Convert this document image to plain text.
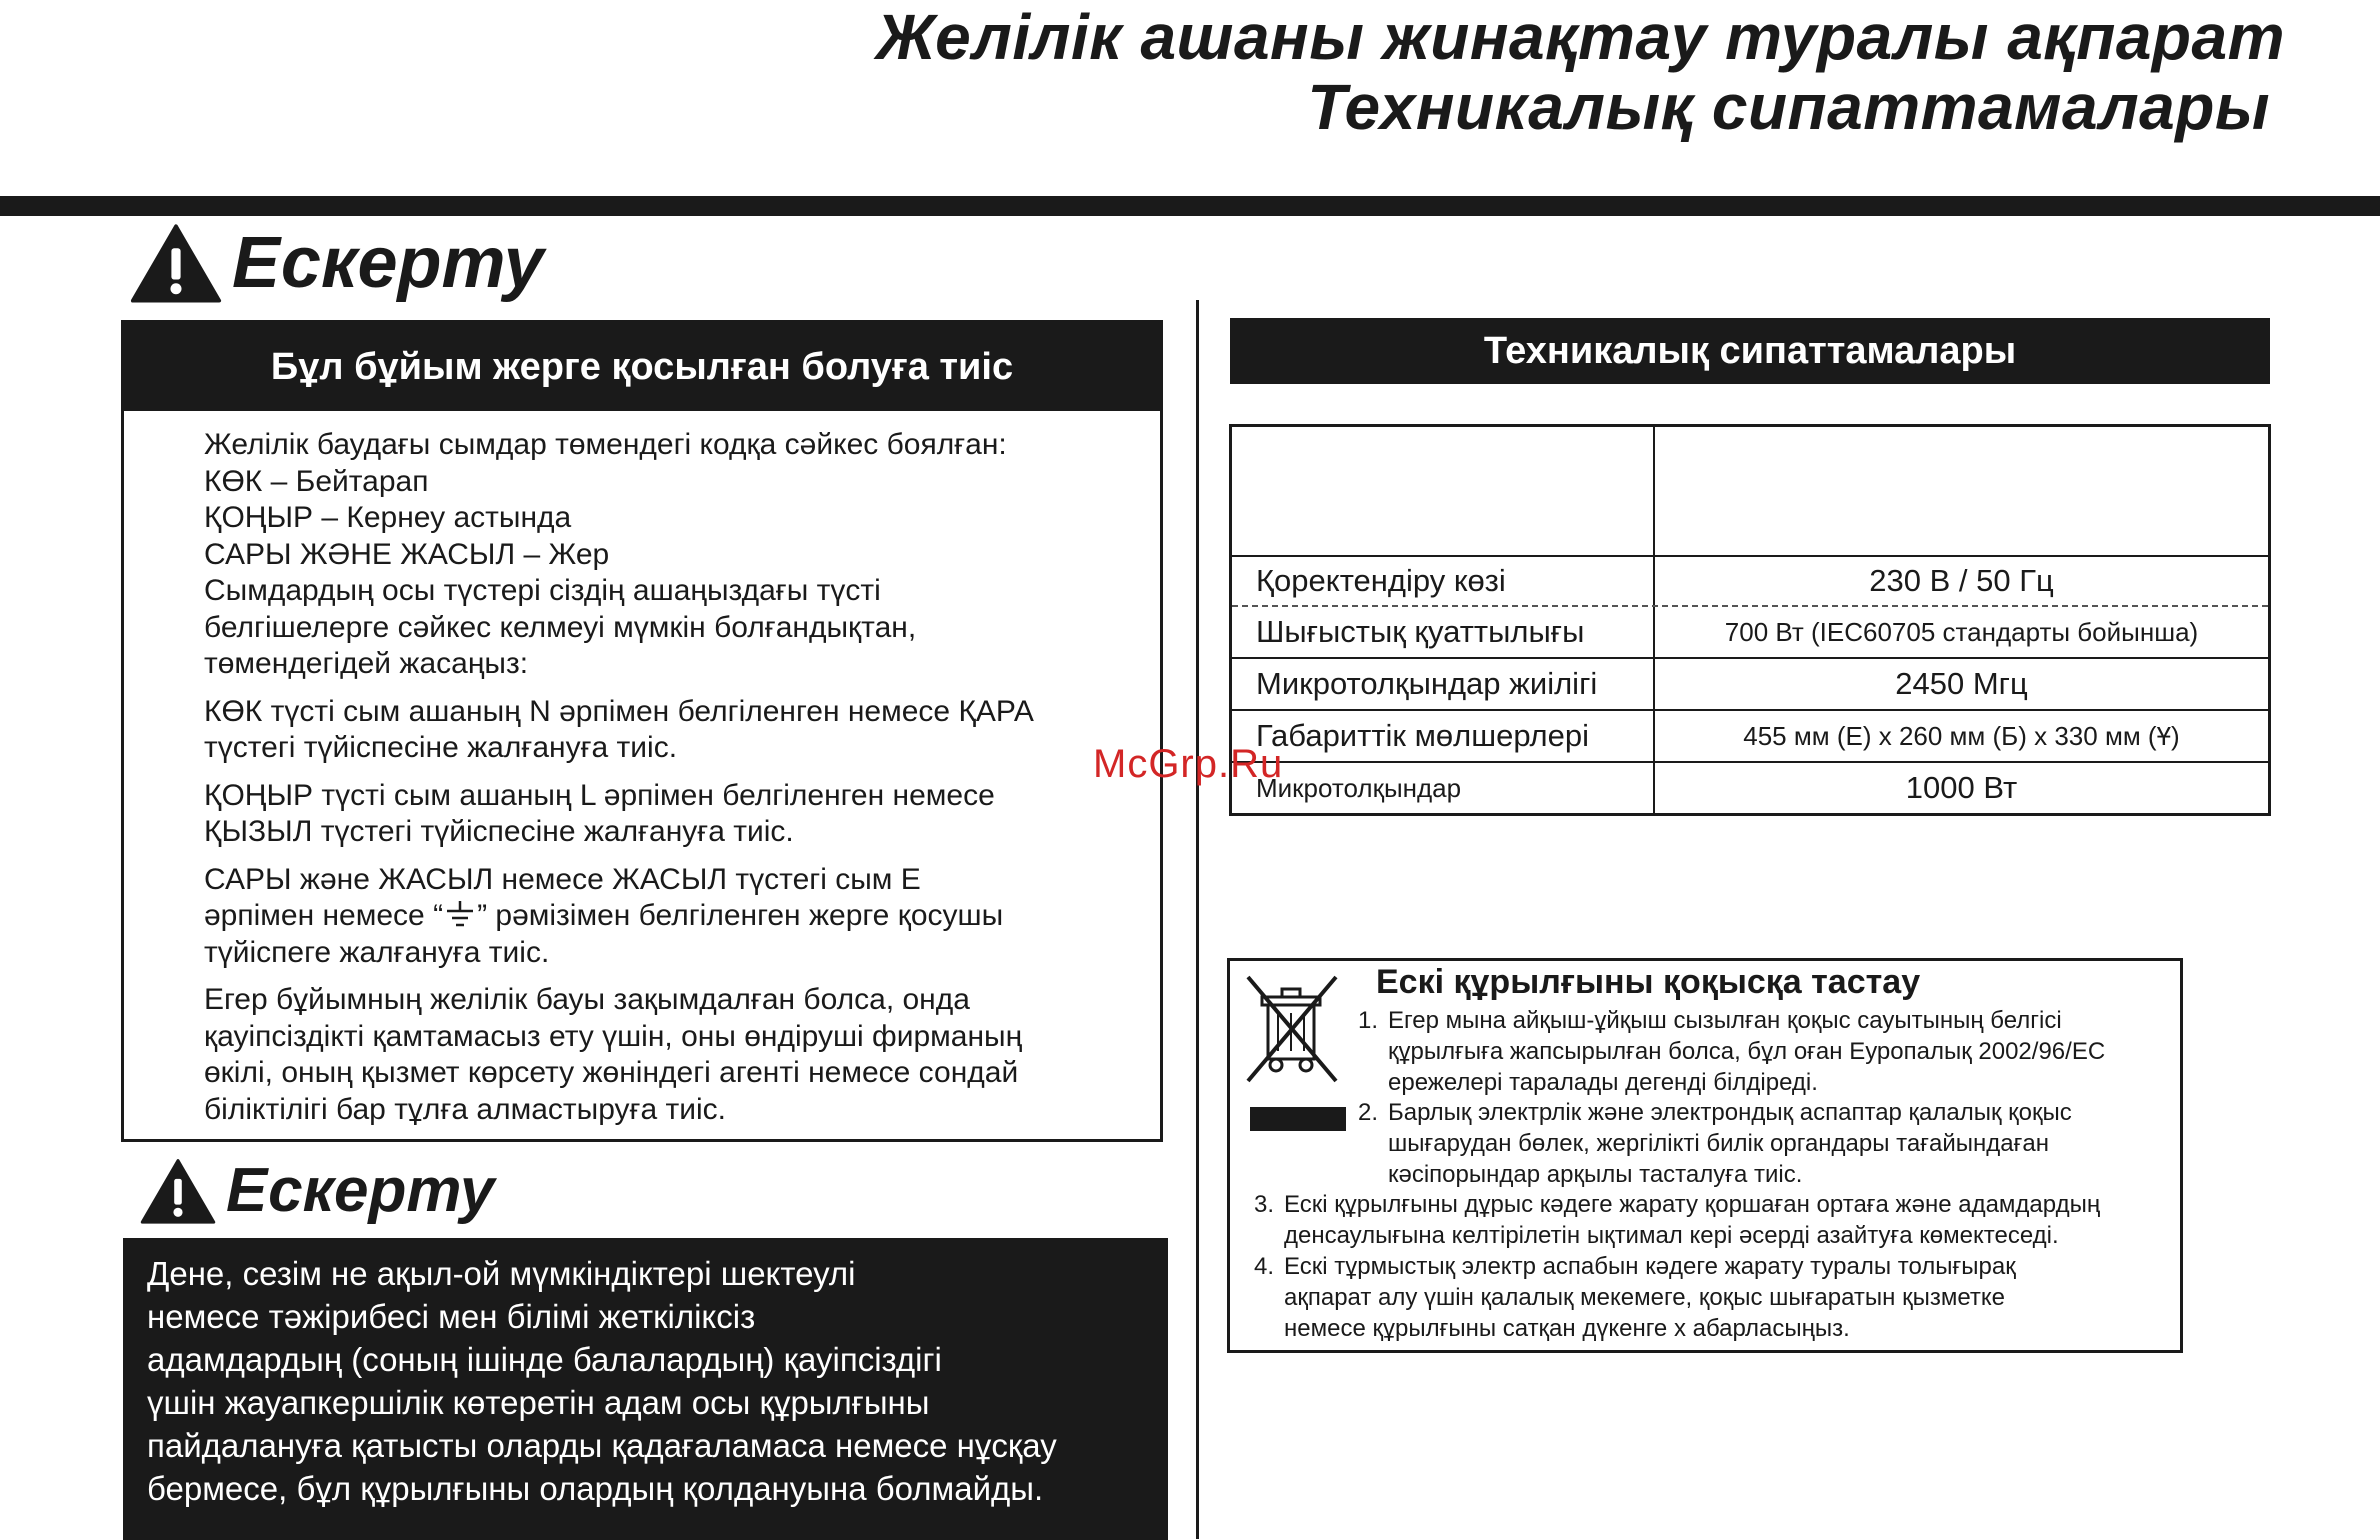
Желілік ашаны жинақтау туралы ақпарат
Техникалық сипаттамалары
Ескерту
Бұл бұйым жерге қосылған болуға тиіс

Желілік баудағы сымдар төмендегі кодқа сәйкес боялған:
КӨК – Бейтарап
ҚОҢЫР – Кернеу астында
САРЫ ЖӘНЕ ЖАСЫЛ – Жер
Сымдардың осы түстері сіздің ашаңыздағы түсті
белгішелерге сәйкес келмеуі мүмкін болғандықтан,
төмендегідей жасаңыз:

КӨК түсті сым ашаның N әрпімен белгіленген немесе ҚАРА
түстегі түйіспесіне жалғануға тиіс.

ҚОҢЫР түсті сым ашаның L әрпімен белгіленген немесе
ҚЫЗЫЛ түстегі түйіспесіне жалғануға тиіс.

САРЫ және ЖАСЫЛ немесе ЖАСЫЛ түстегі сым Е
әрпімен немесе “ ” рәмізімен белгіленген жерге қосушы
түйіспеге жалғануға тиіс.

Егер бұйымның желілік бауы зақымдалған болса, онда
қауіпсіздікті қамтамасыз ету үшін, оны өндіруші фирманың
өкілі, оның қызмет көрсету жөніндегі агенті немесе сондай
біліктілігі бар тұлға алмастыруға тиіс.

Ескерту
Дене, сезім не ақыл-ой мүмкіндіктері шектеулі
немесе тәжірибесі мен білімі жеткіліксіз
адамдардың (соның ішінде балалардың) қауіпсіздігі
үшін жауапкершілік көтеретін адам осы құрылғыны
пайдалануға қатысты оларды қадағаламаса немесе нұсқау
бермесе, бұл құрылғыны олардың қолдануына болмайды.
Техникалық сипаттамалары
Қоректендіру көзі	230 В / 50 Гц
Шығыстық қуаттылығы	700 Вт (IEC60705 стандарты бойынша)
Микротолқындар жиілігі	2450 Мгц
Габариттік мөлшерлері	455 мм (Е) x 260 мм (Б) x 330 мм (Ұ)
Микротолқындар	1000 Вт
McGrp.Ru
Ескі құрылғыны қоқысқа тастау
1. Егер мына айқыш-ұйқыш сызылған қоқыс сауытының белгісі
құрылғыға жапсырылған болса, бұл оған Еуропалық 2002/96/ЕС
ережелері таралады дегенді білдіреді.
2. Барлық электрлік және электрондық аспаптар қалалық қоқыс
шығарудан бөлек, жергілікті билік органдары тағайындаған
кәсіпорындар арқылы тасталуға тиіс.
3. Ескі құрылғыны дұрыс кәдеге жарату қоршаған ортаға және адамдардың
денсаулығына келтірілетін ықтимал кері әсерді азайтуға көмектеседі.
4. Ескі тұрмыстық электр аспабын кәдеге жарату туралы толығырақ
ақпарат алу үшін қалалық мекемеге, қоқыс шығаратын қызметке
немесе құрылғыны сатқан дүкенге х абарласыңыз.
